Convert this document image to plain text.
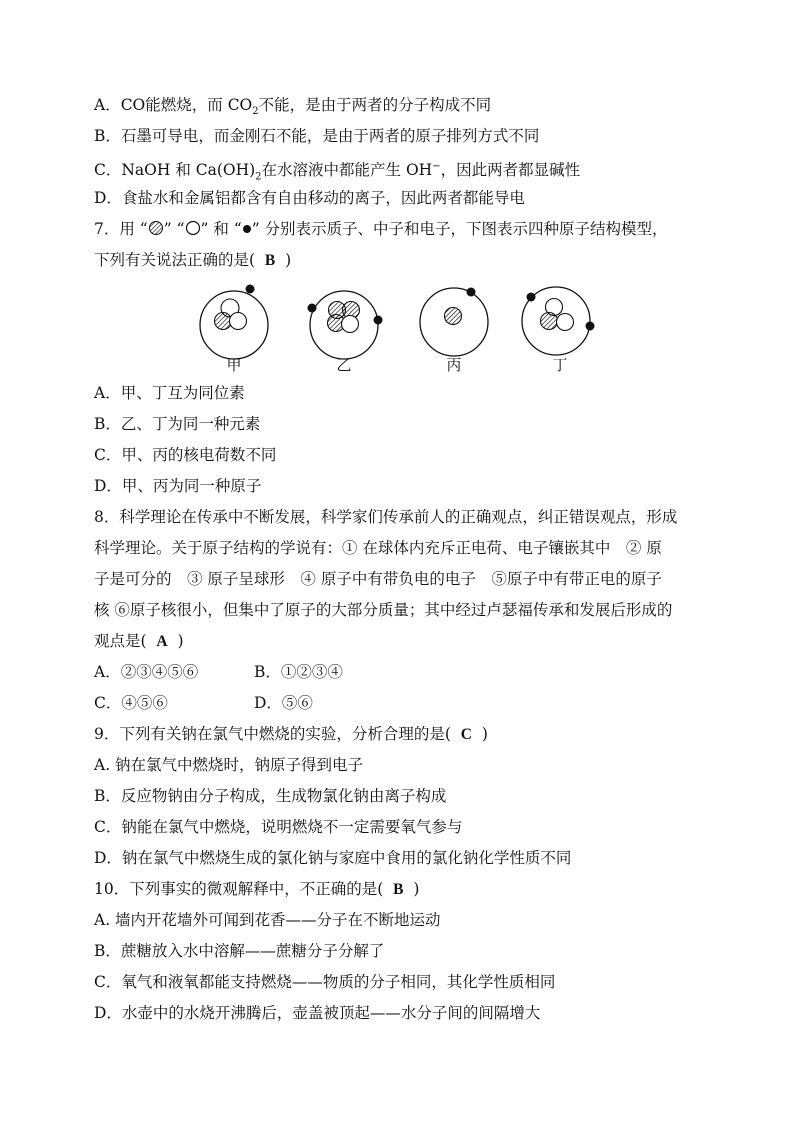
A．CO能燃烧，而 $CO_2$不能，是由于两者的分子构成不同
B．石墨可导电，而金刚石不能，是由于两者的原子排列方式不同
C．NaOH 和 $Ca(OH)_2$在水溶液中都能产生 OH−，因此两者都显碱性
D．食盐水和金属铝都含有自由移动的离子，因此两者都能导电
7．用 “ ” “ ” 和 “ ” 分别表示质子、中子和电子，下图表示四种原子结构模型，
下列有关说法正确的是( B )
甲	乙	丙	丁
A．甲、丁互为同位素
B．乙、丁为同一种元素
C．甲、丙的核电荷数不同
D．甲、丙为同一种原子
8．科学理论在传承中不断发展，科学家们传承前人的正确观点，纠正错误观点，形成
科学理论。关于原子结构的学说有：① 在球体内充斥正电荷、电子镶嵌其中　② 原
子是可分的　③ 原子呈球形　④ 原子中有带负电的电子　⑤原子中有带正电的原子
核 ⑥原子核很小，但集中了原子的大部分质量；其中经过卢瑟福传承和发展后形成的
观点是( A )
A．②③④⑤⑥	B．①②③④
C．④⑤⑥	D．⑤⑥
9．下列有关钠在氯气中燃烧的实验，分析合理的是( C )
A. 钠在氯气中燃烧时，钠原子得到电子
B．反应物钠由分子构成，生成物氯化钠由离子构成
C．钠能在氯气中燃烧，说明燃烧不一定需要氧气参与
D．钠在氯气中燃烧生成的氯化钠与家庭中食用的氯化钠化学性质不同
10．下列事实的微观解释中，不正确的是( B )
A. 墙内开花墙外可闻到花香——分子在不断地运动
B．蔗糖放入水中溶解——蔗糖分子分解了
C．氧气和液氧都能支持燃烧——物质的分子相同，其化学性质相同
D．水壶中的水烧开沸腾后，壶盖被顶起——水分子间的间隔增大
